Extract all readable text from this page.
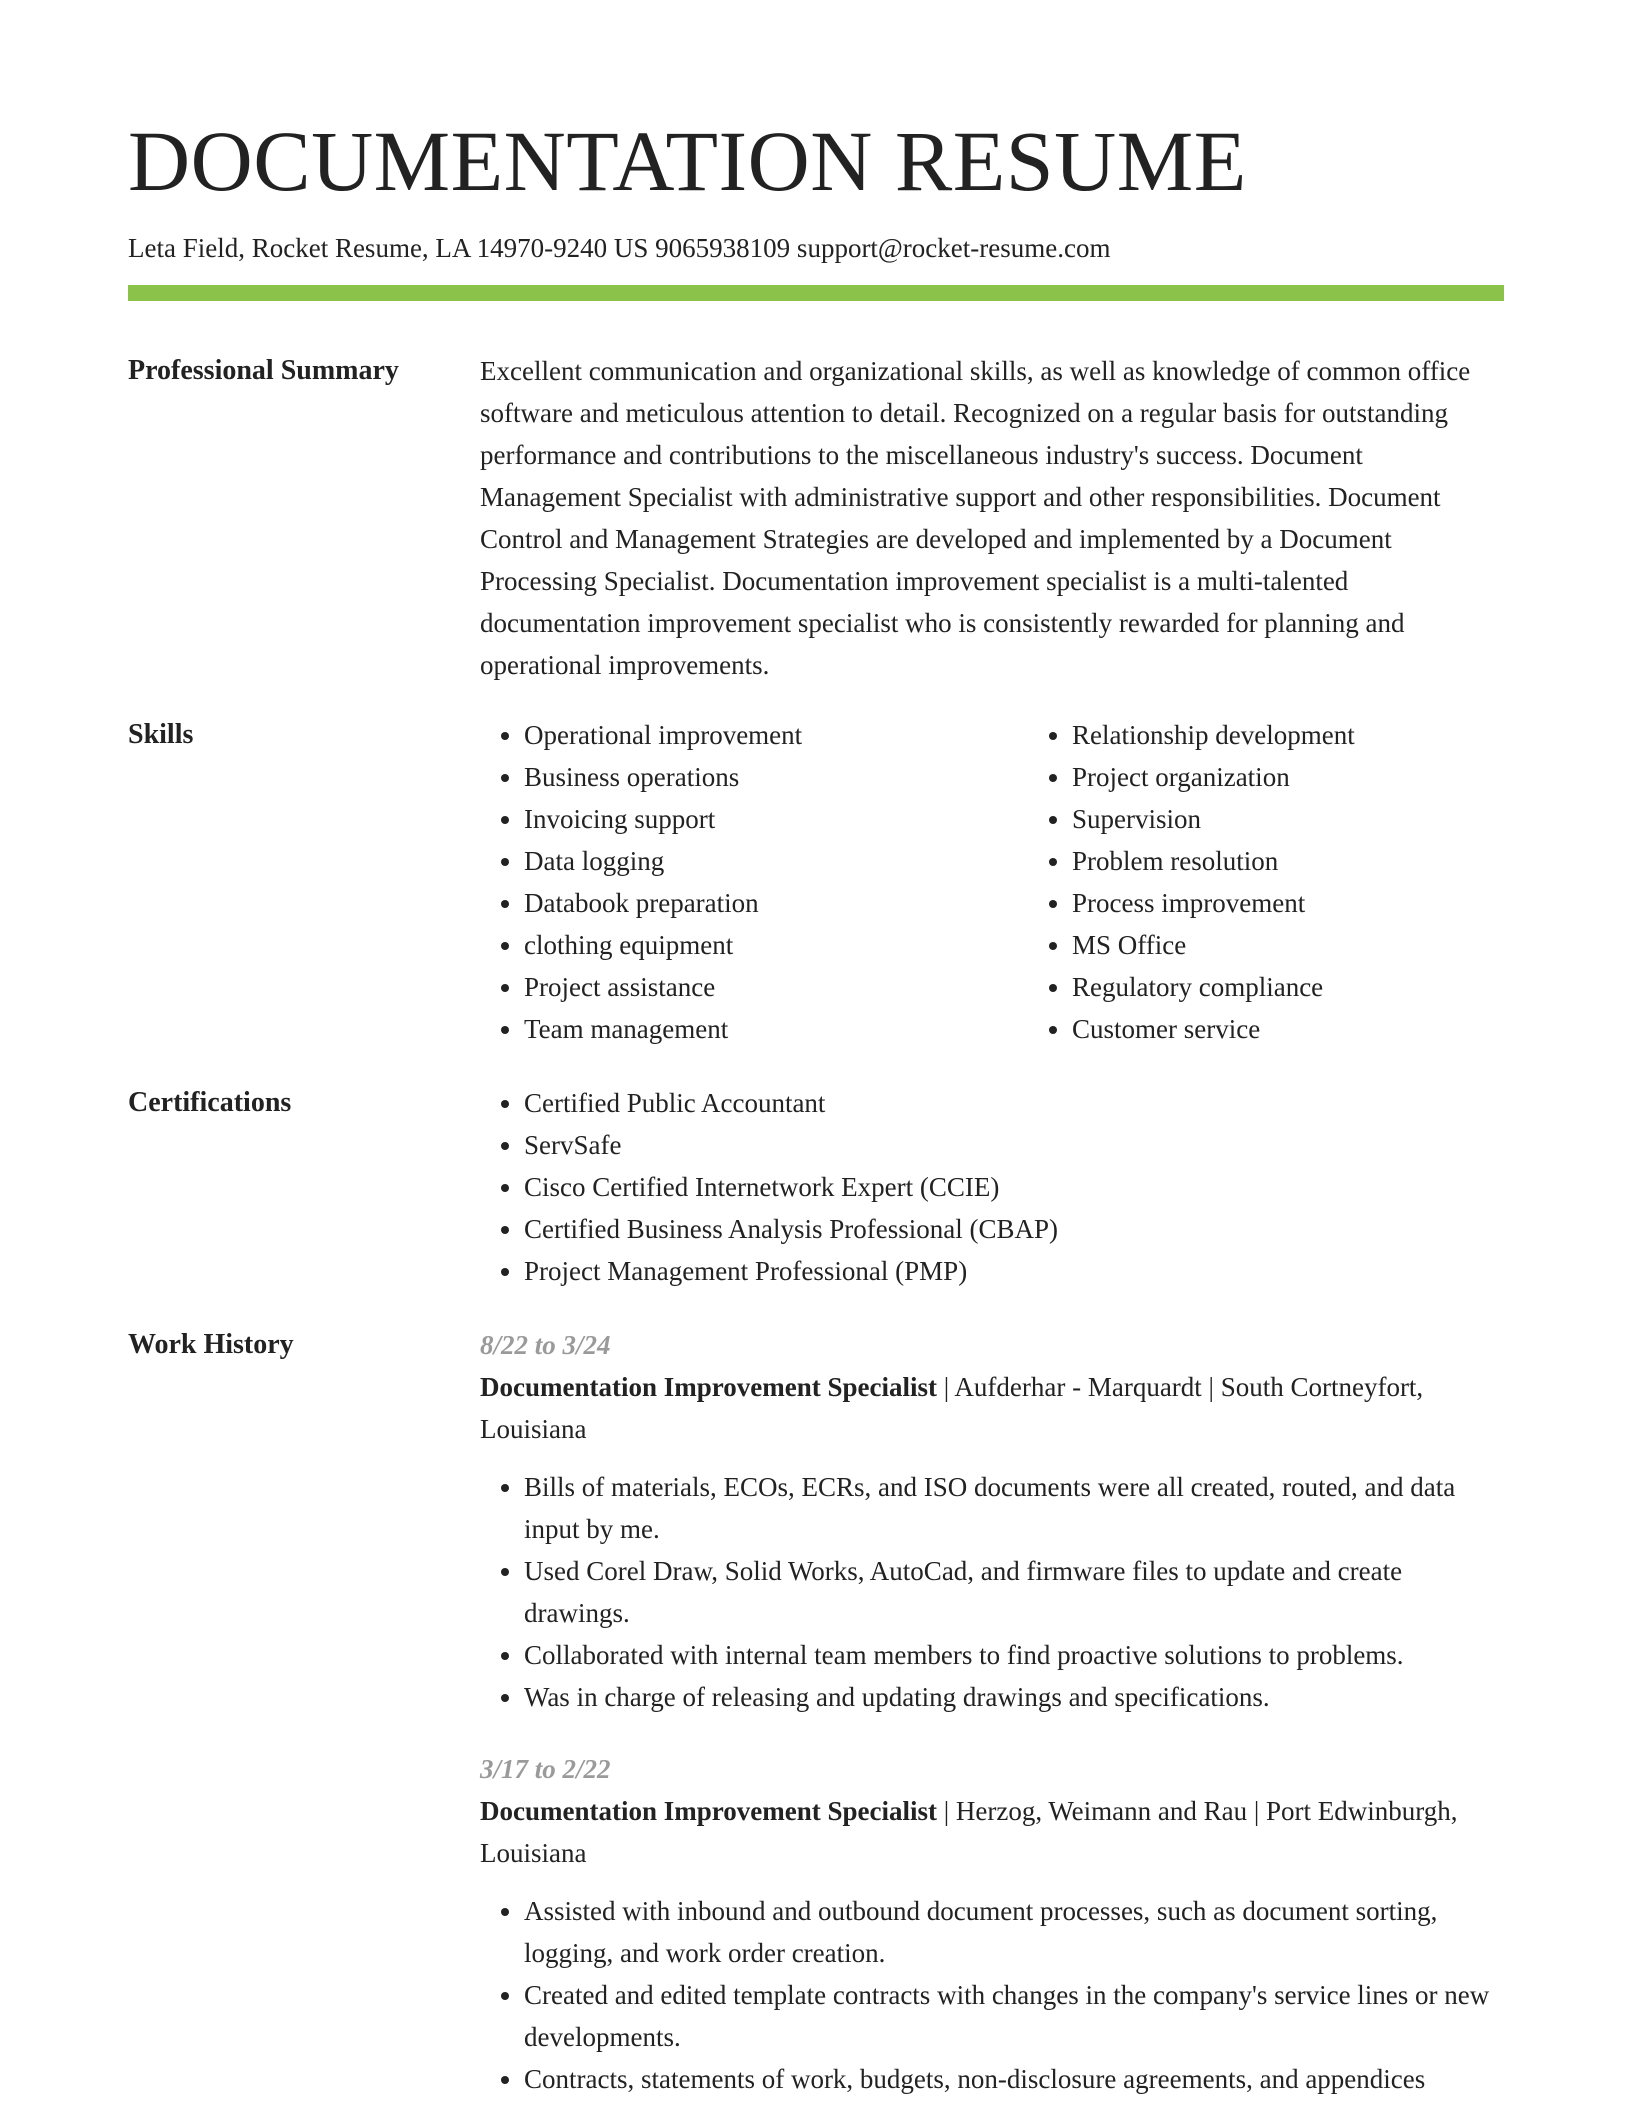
DOCUMENTATION RESUME
Leta Field, Rocket Resume, LA 14970-9240 US 9065938109 support@rocket-resume.com
Professional Summary	Excellent communication and organizational skills, as well as knowledge of common office software and meticulous attention to detail. Recognized on a regular basis for outstanding performance and contributions to the miscellaneous industry's success. Document Management Specialist with administrative support and other responsibilities. Document Control and Management Strategies are developed and implemented by a Document Processing Specialist. Documentation improvement specialist is a multi-talented documentation improvement specialist who is consistently rewarded for planning and operational improvements.

Skills	• Operational improvement
• Business operations
• Invoicing support
• Data logging
• Databook preparation
• clothing equipment
• Project assistance
• Team management
• Relationship development
• Project organization
• Supervision
• Problem resolution
• Process improvement
• MS Office
• Regulatory compliance
• Customer service
Certifications	• Certified Public Accountant
• ServSafe
• Cisco Certified Internetwork Expert (CCIE)
• Certified Business Analysis Professional (CBAP)
• Project Management Professional (PMP)
Work History	8/22 to 3/24
Documentation Improvement Specialist | Aufderhar - Marquardt | South Cortneyfort, Louisiana
• Bills of materials, ECOs, ECRs, and ISO documents were all created, routed, and data input by me.
• Used Corel Draw, Solid Works, AutoCad, and firmware files to update and create drawings.
• Collaborated with internal team members to find proactive solutions to problems.
• Was in charge of releasing and updating drawings and specifications.
3/17 to 2/22
Documentation Improvement Specialist | Herzog, Weimann and Rau | Port Edwinburgh, Louisiana
• Assisted with inbound and outbound document processes, such as document sorting, logging, and work order creation.
• Created and edited template contracts with changes in the company's service lines or new developments.
• Contracts, statements of work, budgets, non-disclosure agreements, and appendices
